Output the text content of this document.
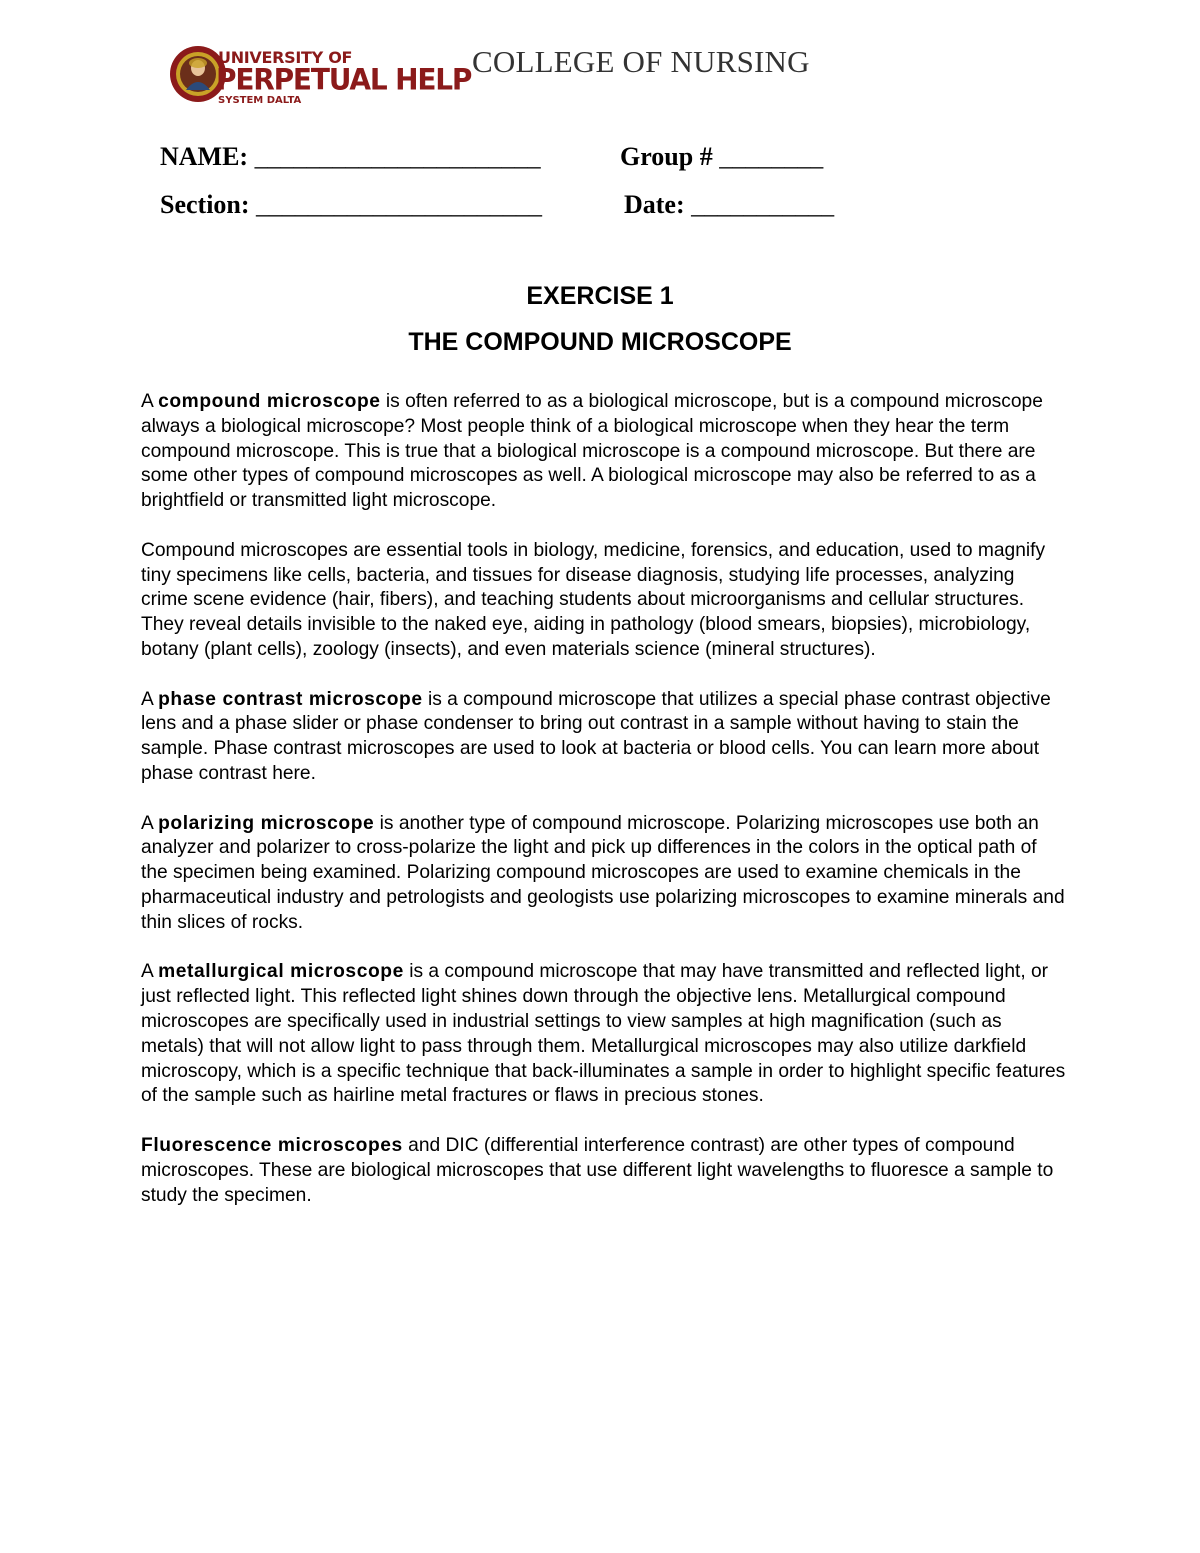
UNIVERSITY OF
PERPETUAL HELP
SYSTEM DALTA
COLLEGE OF NURSING
NAME: ______________________	Group # ________
Section: ______________________	Date: ___________
EXERCISE 1
THE COMPOUND MICROSCOPE

A compound microscope is often referred to as a biological microscope, but is a compound microscope always a biological microscope? Most people think of a biological microscope when they hear the term compound microscope. This is true that a biological microscope is a compound microscope. But there are some other types of compound microscopes as well. A biological microscope may also be referred to as a brightfield or transmitted light microscope.

Compound microscopes are essential tools in biology, medicine, forensics, and education, used to magnify tiny specimens like cells, bacteria, and tissues for disease diagnosis, studying life processes, analyzing crime scene evidence (hair, fibers), and teaching students about microorganisms and cellular structures. They reveal details invisible to the naked eye, aiding in pathology (blood smears, biopsies), microbiology, botany (plant cells), zoology (insects), and even materials science (mineral structures).

A phase contrast microscope is a compound microscope that utilizes a special phase contrast objective lens and a phase slider or phase condenser to bring out contrast in a sample without having to stain the sample. Phase contrast microscopes are used to look at bacteria or blood cells. You can learn more about phase contrast here.

A polarizing microscope is another type of compound microscope. Polarizing microscopes use both an analyzer and polarizer to cross-polarize the light and pick up differences in the colors in the optical path of the specimen being examined. Polarizing compound microscopes are used to examine chemicals in the pharmaceutical industry and petrologists and geologists use polarizing microscopes to examine minerals and thin slices of rocks.

A metallurgical microscope is a compound microscope that may have transmitted and reflected light, or just reflected light. This reflected light shines down through the objective lens. Metallurgical compound microscopes are specifically used in industrial settings to view samples at high magnification (such as metals) that will not allow light to pass through them. Metallurgical microscopes may also utilize darkfield microscopy, which is a specific technique that back-illuminates a sample in order to highlight specific features of the sample such as hairline metal fractures or flaws in precious stones.

Fluorescence microscopes and DIC (differential interference contrast) are other types of compound microscopes. These are biological microscopes that use different light wavelengths to fluoresce a sample to study the specimen.
